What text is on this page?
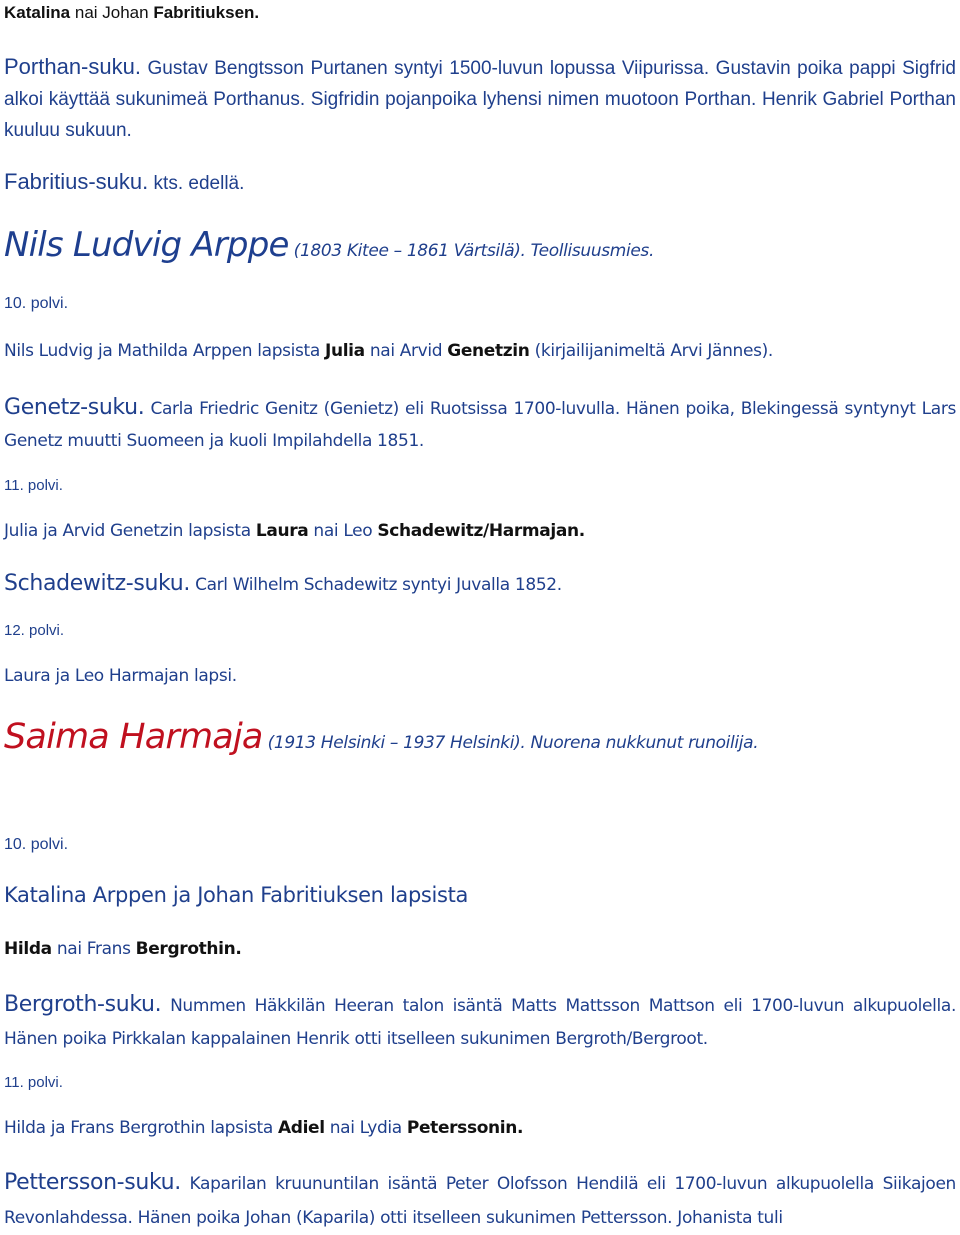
Katalina nai Johan Fabritiuksen.

Porthan-suku. Gustav Bengtsson Purtanen syntyi 1500-luvun lopussa Viipurissa. Gustavin poika pappi Sigfrid alkoi käyttää sukunimeä Porthanus. Sigfridin pojanpoika lyhensi nimen muotoon Porthan. Henrik Gabriel Porthan kuuluu sukuun.

Fabritius-suku. kts. edellä.

Nils Ludvig Arppe (1803 Kitee – 1861 Värtsilä). Teollisuusmies.

10. polvi.

Nils Ludvig ja Mathilda Arppen lapsista Julia nai Arvid Genetzin (kirjailijanimeltä Arvi Jännes).

Genetz-suku. Carla Friedric Genitz (Genietz) eli Ruotsissa 1700-luvulla. Hänen poika, Blekingessä syntynyt Lars Genetz muutti Suomeen ja kuoli Impilahdella 1851.

11. polvi.

Julia ja Arvid Genetzin lapsista Laura nai Leo Schadewitz/Harmajan.

Schadewitz-suku. Carl Wilhelm Schadewitz syntyi Juvalla 1852.

12. polvi.

Laura ja Leo Harmajan lapsi.

Saima Harmaja (1913 Helsinki – 1937 Helsinki). Nuorena nukkunut runoilija.

10. polvi.

Katalina Arppen ja Johan Fabritiuksen lapsista

Hilda nai Frans Bergrothin.

Bergroth-suku. Nummen Häkkilän Heeran talon isäntä Matts Mattsson Mattson eli 1700-luvun alkupuolella. Hänen poika Pirkkalan kappalainen Henrik otti itselleen sukunimen Bergroth/Bergroot.

11. polvi.

Hilda ja Frans Bergrothin lapsista Adiel nai Lydia Peterssonin.

Pettersson-suku. Kaparilan kruununtilan isäntä Peter Olofsson Hendilä eli 1700-luvun alkupuolella Siikajoen Revonlahdessa. Hänen poika Johan (Kaparila) otti itselleen sukunimen Pettersson. Johanista tuli
